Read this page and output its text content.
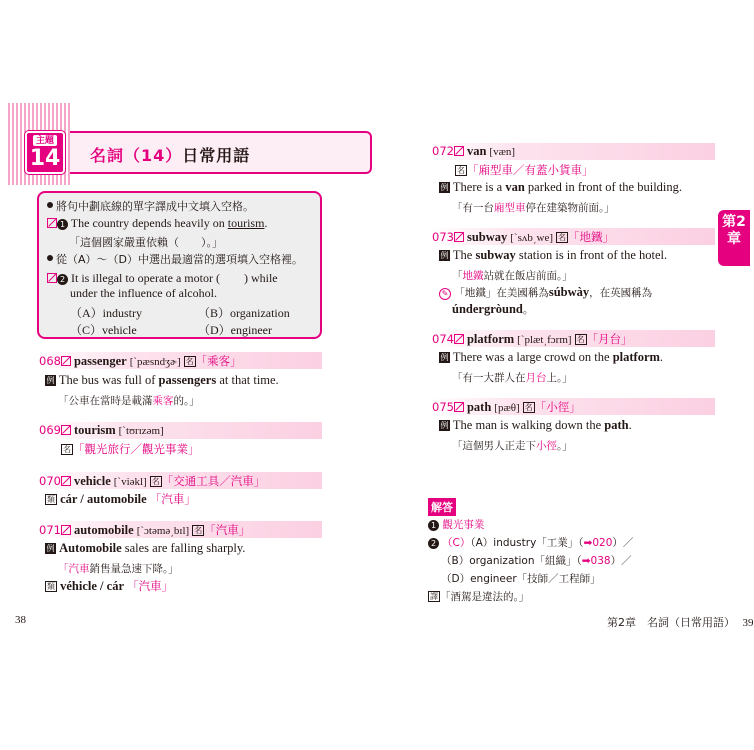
主題
14 名詞（14）日常用語
將句中劃底線的單字譯成中文填入空格。
1 The country depends heavily on tourism.
「這個國家嚴重依賴（　　）。」
從（A）～（D）中選出最適當的選項填入空格裡。
2 It is illegal to operate a motor (　　) while
under the influence of alcohol.
（A）industry	（B）organization
（C）vehicle	（D）engineer
068 passenger [ˋpæsndʒɚ] 名 「乘客」
例 The bus was full of passengers at that time.
「公車在當時是載滿乘客的。」
069 tourism [ˋtʊrɪzəm]
名 「觀光旅行／觀光事業」
070 vehicle [ˋviəkl] 名 「交通工具／汽車」
類 cár / automobile 「汽車」
071 automobile [ˋɔtəmə͵bɪl] 名 「汽車」
例 Automobile sales are falling sharply.
「汽車銷售量急速下降。」
類 véhicle / cár 「汽車」
38
072 van [væn]
名 「廂型車／有蓋小貨車」
例 There is a van parked in front of the building.
「有一台廂型車停在建築物前面。」
073 subway [ˋsʌb͵we] 名 「地鐵」
例 The subway station is in front of the hotel.
「地鐵站就在飯店前面。」
✎ 「地鐵」在美國稱為súbwày，在英國稱為
úndergròund。
074 platform [ˋplæt͵fɔrm] 名 「月台」
例 There was a large crowd on the platform.
「有一大群人在月台上。」
075 path [pæθ] 名 「小徑」
例 The man is walking down the path.
「這個男人正走下小徑。」
第2
章
解答
1 觀光事業
2 （C）（A）industry「工業」（➡020）／
（B）organization「組織」（➡038）／
（D）engineer「技師／工程師」
譯 「酒駕是違法的。」
第2章　名詞（日常用語） 39
